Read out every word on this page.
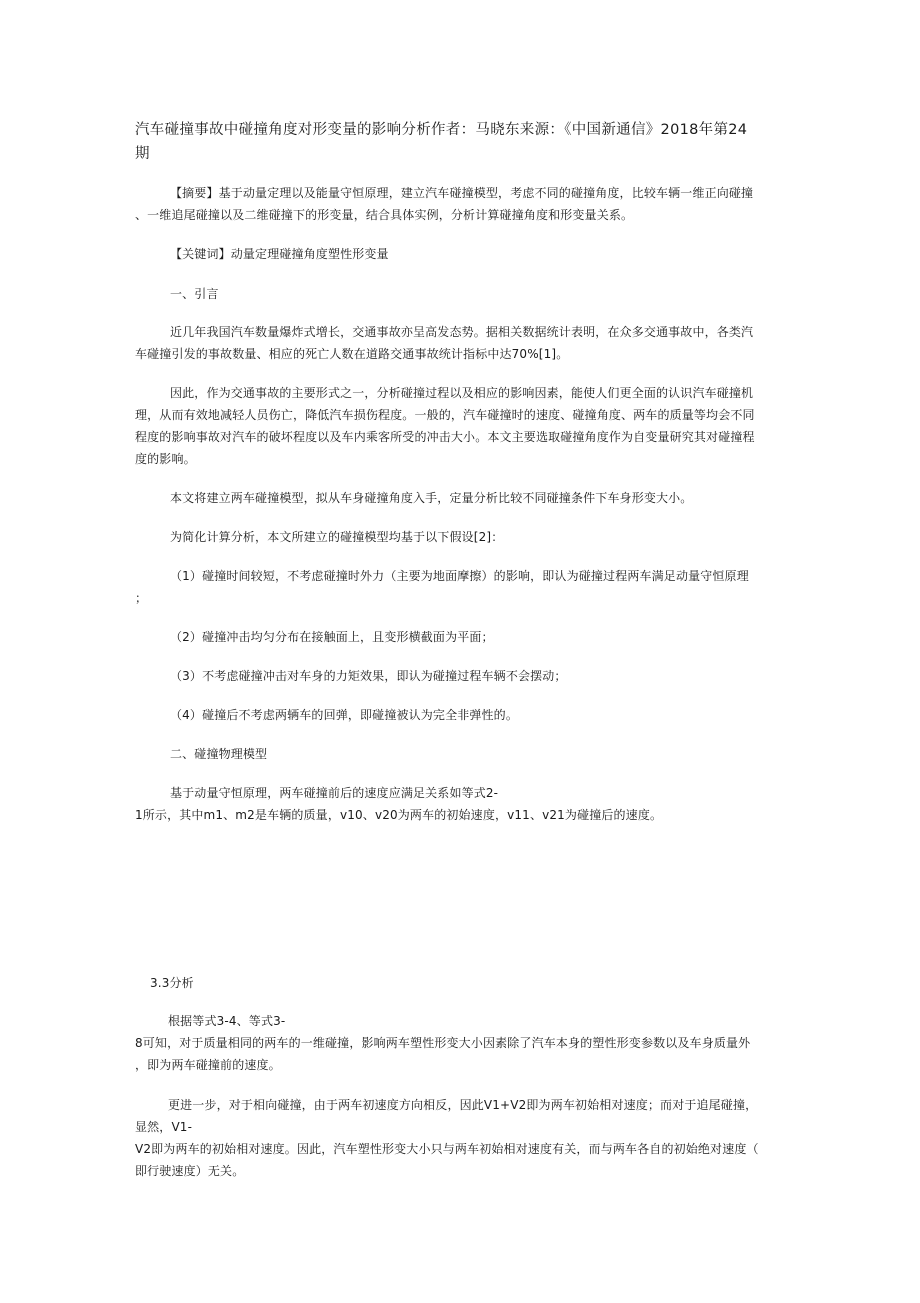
汽车碰撞事故中碰撞角度对形变量的影响分析作者：马晓东来源：《中国新通信》2018年第24
期
【摘要】基于动量定理以及能量守恒原理，建立汽车碰撞模型，考虑不同的碰撞角度，比较车辆一维正向碰撞
、一维追尾碰撞以及二维碰撞下的形变量，结合具体实例，分析计算碰撞角度和形变量关系。
【关键词】动量定理碰撞角度塑性形变量
一、引言
近几年我国汽车数量爆炸式增长，交通事故亦呈高发态势。据相关数据统计表明，在众多交通事故中，各类汽
车碰撞引发的事故数量、相应的死亡人数在道路交通事故统计指标中达70%[1]。
因此，作为交通事故的主要形式之一，分析碰撞过程以及相应的影响因素，能使人们更全面的认识汽车碰撞机
理，从而有效地减轻人员伤亡，降低汽车损伤程度。一般的，汽车碰撞时的速度、碰撞角度、两车的质量等均会不同
程度的影响事故对汽车的破坏程度以及车内乘客所受的冲击大小。本文主要选取碰撞角度作为自变量研究其对碰撞程
度的影响。
本文将建立两车碰撞模型，拟从车身碰撞角度入手，定量分析比较不同碰撞条件下车身形变大小。
为简化计算分析，本文所建立的碰撞模型均基于以下假设[2]：
（1）碰撞时间较短，不考虑碰撞时外力（主要为地面摩擦）的影响，即认为碰撞过程两车满足动量守恒原理
；
（2）碰撞冲击均匀分布在接触面上，且变形横截面为平面；
（3）不考虑碰撞冲击对车身的力矩效果，即认为碰撞过程车辆不会摆动；
（4）碰撞后不考虑两辆车的回弹，即碰撞被认为完全非弹性的。
二、碰撞物理模型
基于动量守恒原理，两车碰撞前后的速度应满足关系如等式2-
1所示，其中m1、m2是车辆的质量，v10、v20为两车的初始速度，v11、v21为碰撞后的速度。
3.3分析
根据等式3-4、等式3-
8可知，对于质量相同的两车的一维碰撞，影响两车塑性形变大小因素除了汽车本身的塑性形变参数以及车身质量外
，即为两车碰撞前的速度。
更进一步，对于相向碰撞，由于两车初速度方向相反，因此V1+V2即为两车初始相对速度；而对于追尾碰撞，
显然，V1-
V2即为两车的初始相对速度。因此，汽车塑性形变大小只与两车初始相对速度有关，而与两车各自的初始绝对速度（
即行驶速度）无关。
